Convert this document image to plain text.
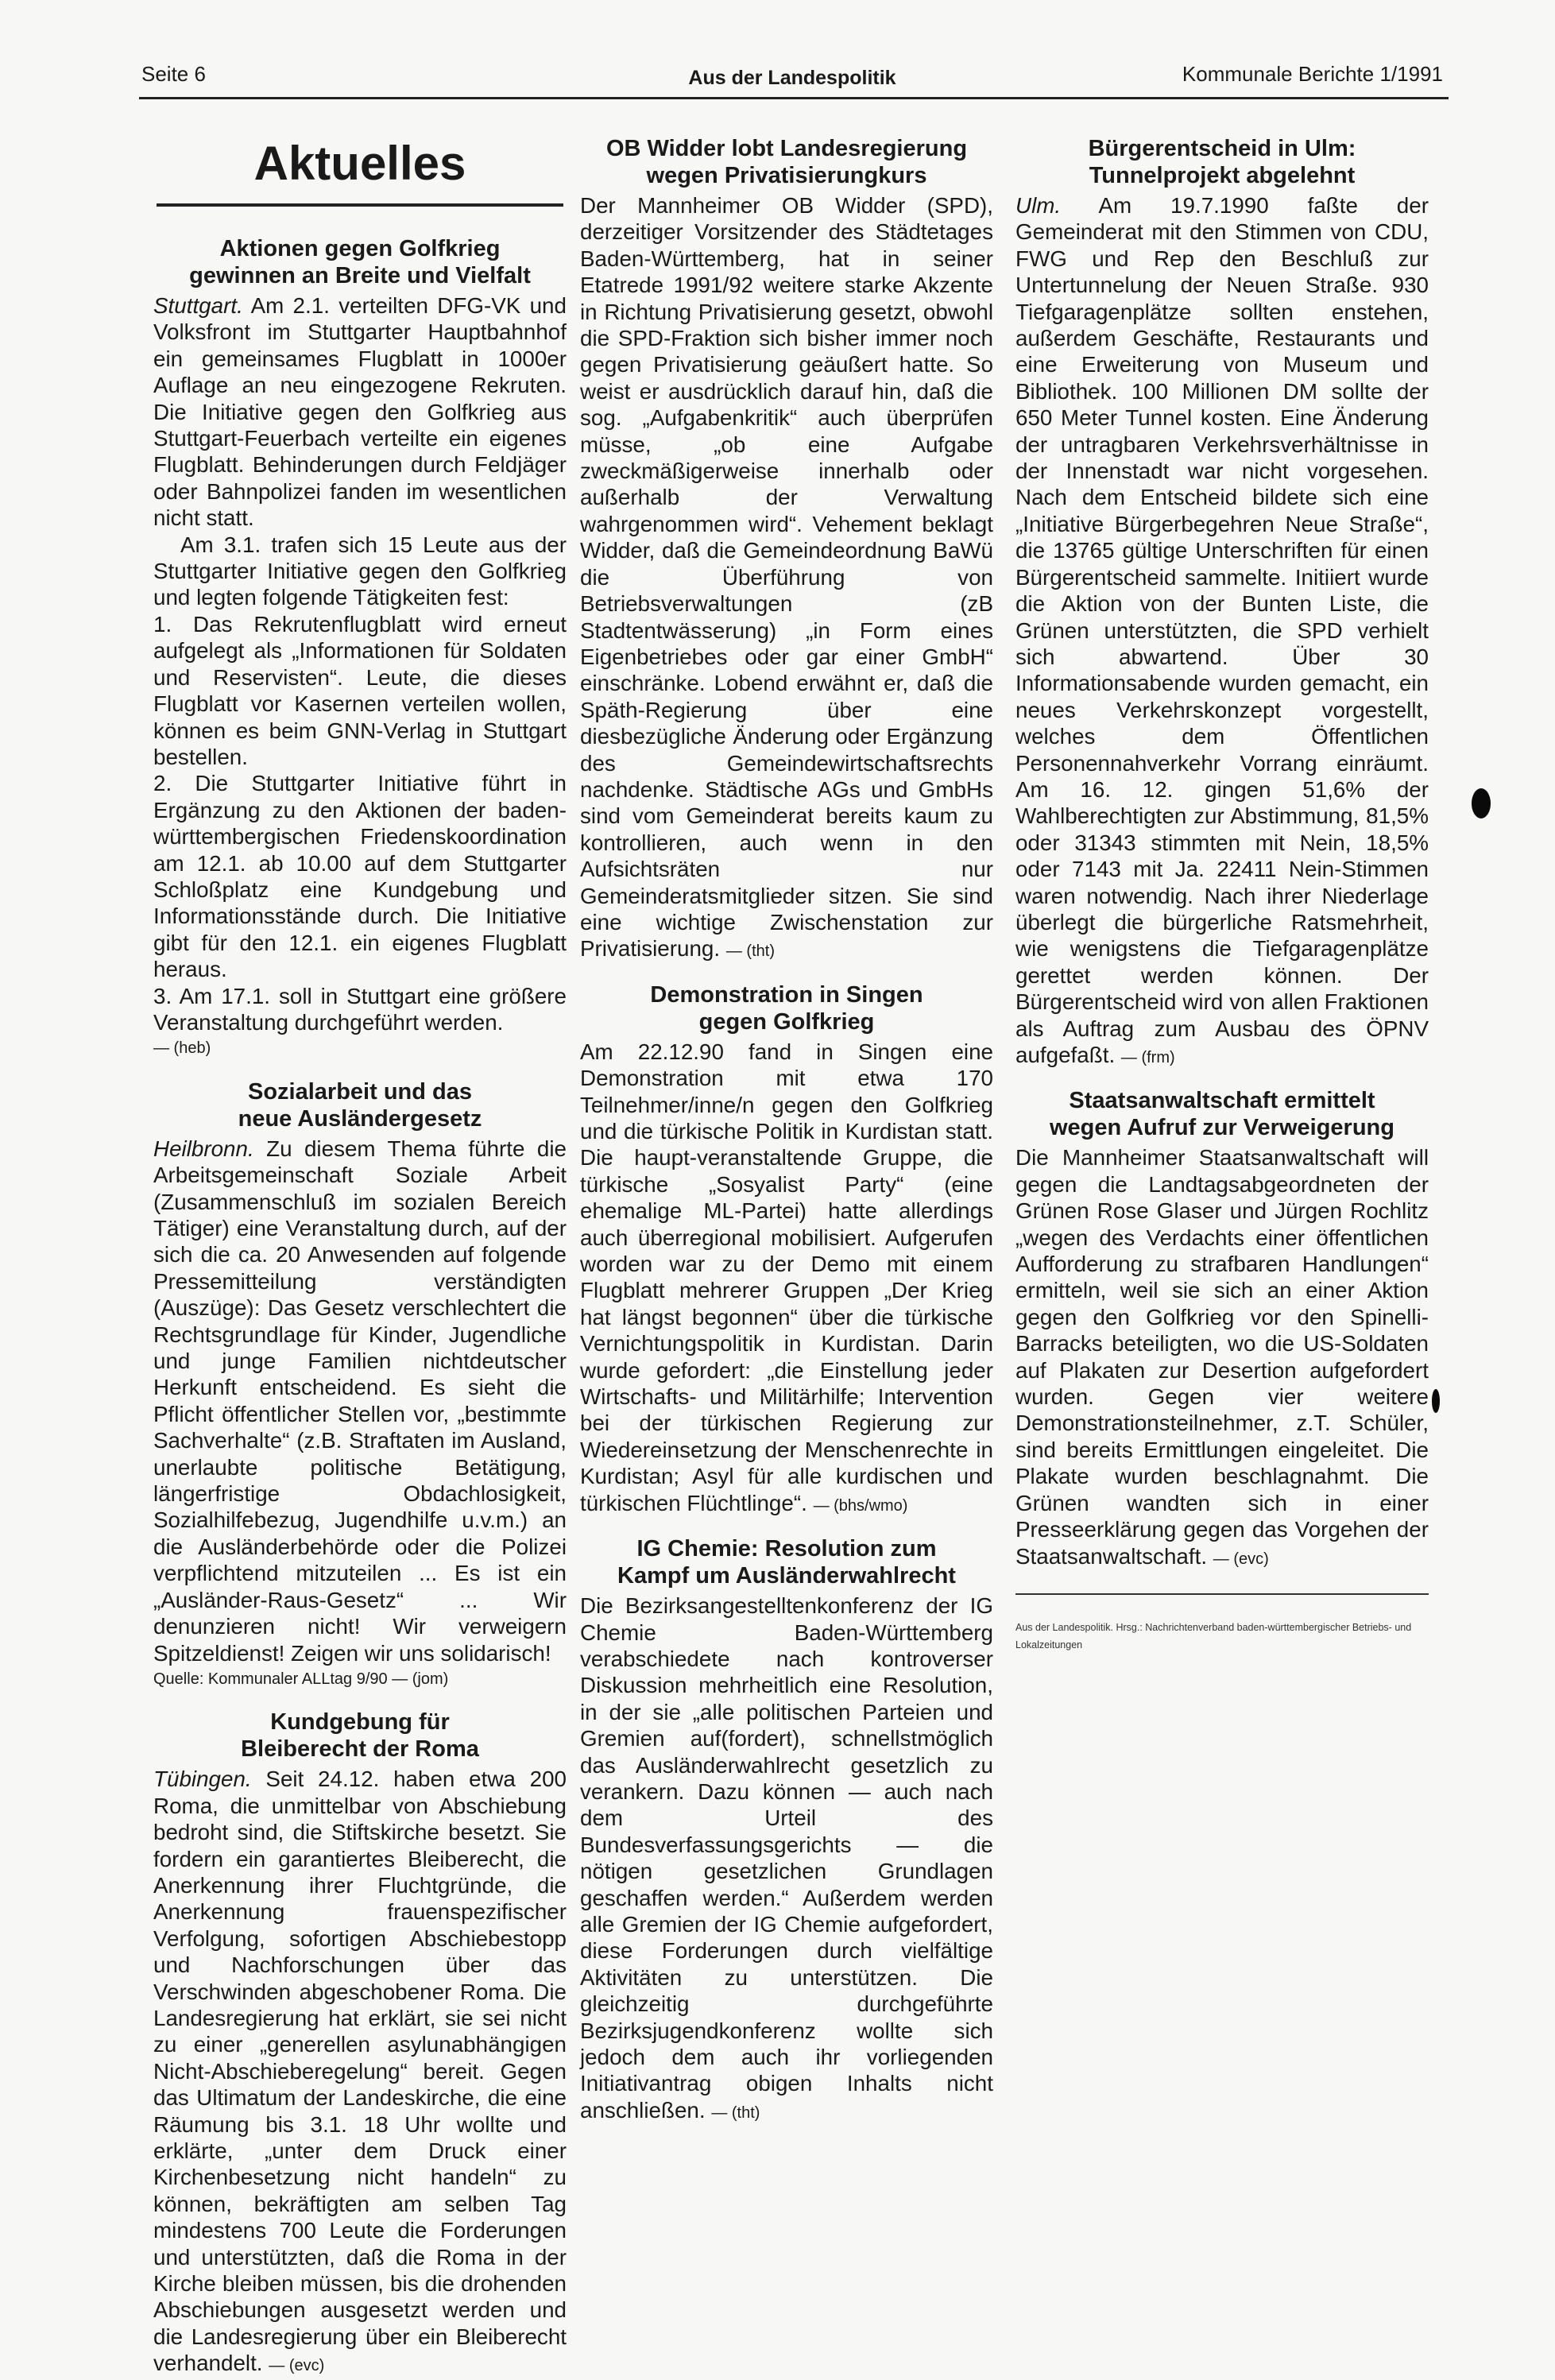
Seite 6	Aus der Landespolitik	Kommunale Berichte 1/1991
Aktuelles
Aktionen gegen Golfkrieg
gewinnen an Breite und Vielfalt

Stuttgart. Am 2.1. verteilten DFG-VK und Volksfront im Stuttgarter Hauptbahnhof ein gemeinsames Flugblatt in 1000er Auflage an neu eingezogene Rekruten. Die Initiative gegen den Golfkrieg aus Stuttgart-Feuerbach verteilte ein eigenes Flugblatt. Behinderungen durch Feldjäger oder Bahnpolizei fanden im wesentlichen nicht statt.

Am 3.1. trafen sich 15 Leute aus der Stuttgarter Initiative gegen den Golfkrieg und legten folgende Tätigkeiten fest:

1. Das Rekrutenflugblatt wird erneut aufgelegt als „Informationen für Soldaten und Reservisten“. Leute, die dieses Flugblatt vor Kasernen verteilen wollen, können es beim GNN-Verlag in Stuttgart bestellen.

2. Die Stuttgarter Initiative führt in Ergänzung zu den Aktionen der baden-württembergischen Friedenskoordination am 12.1. ab 10.00 auf dem Stuttgarter Schloßplatz eine Kundgebung und Informationsstände durch. Die Initiative gibt für den 12.1. ein eigenes Flugblatt heraus.

3. Am 17.1. soll in Stuttgart eine größere Veranstaltung durchgeführt werden.

— (heb)

Sozialarbeit und das
neue Ausländergesetz

Heilbronn. Zu diesem Thema führte die Arbeitsgemeinschaft Soziale Arbeit (Zusammenschluß im sozialen Bereich Tätiger) eine Veranstaltung durch, auf der sich die ca. 20 Anwesenden auf folgende Pressemitteilung verständigten (Auszüge): Das Gesetz verschlechtert die Rechtsgrundlage für Kinder, Jugendliche und junge Familien nichtdeutscher Herkunft entscheidend. Es sieht die Pflicht öffentlicher Stellen vor, „bestimmte Sachverhalte“ (z.B. Straftaten im Ausland, unerlaubte politische Betätigung, längerfristige Obdachlosigkeit, Sozialhilfebezug, Jugendhilfe u.v.m.) an die Ausländerbehörde oder die Polizei verpflichtend mitzuteilen ... Es ist ein „Ausländer-Raus-Gesetz“ ... Wir denunzieren nicht! Wir verweigern Spitzeldienst! Zeigen wir uns solidarisch!

Quelle: Kommunaler ALLtag 9/90 — (jom)

Kundgebung für
Bleiberecht der Roma

Tübingen. Seit 24.12. haben etwa 200 Roma, die unmittelbar von Abschiebung bedroht sind, die Stiftskirche besetzt. Sie fordern ein garantiertes Bleiberecht, die Anerkennung ihrer Fluchtgründe, die Anerkennung frauenspezifischer Verfolgung, sofortigen Abschiebestopp und Nachforschungen über das Verschwinden abgeschobener Roma. Die Landesregierung hat erklärt, sie sei nicht zu einer „generellen asylunabhängigen Nicht-Abschieberegelung“ bereit. Gegen das Ultimatum der Landeskirche, die eine Räumung bis 3.1. 18 Uhr wollte und erklärte, „unter dem Druck einer Kirchenbesetzung nicht handeln“ zu können, bekräftigten am selben Tag mindestens 700 Leute die Forderungen und unterstützten, daß die Roma in der Kirche bleiben müssen, bis die drohenden Abschiebungen ausgesetzt werden und die Landesregierung über ein Bleiberecht verhandelt. — (evc)

OB Widder lobt Landesregierung
wegen Privatisierungkurs

Der Mannheimer OB Widder (SPD), derzeitiger Vorsitzender des Städtetages Baden-Württemberg, hat in seiner Etatrede 1991/92 weitere starke Akzente in Richtung Privatisierung gesetzt, obwohl die SPD-Fraktion sich bisher immer noch gegen Privatisierung geäußert hatte. So weist er ausdrücklich darauf hin, daß die sog. „Aufgabenkritik“ auch überprüfen müsse, „ob eine Aufgabe zweckmäßigerweise innerhalb oder außerhalb der Verwaltung wahrgenommen wird“. Vehement beklagt Widder, daß die Gemeindeordnung BaWü die Überführung von Betriebsverwaltungen (zB Stadtentwässerung) „in Form eines Eigenbetriebes oder gar einer GmbH“ einschränke. Lobend erwähnt er, daß die Späth-Regierung über eine diesbezügliche Änderung oder Ergänzung des Gemeindewirtschaftsrechts nachdenke. Städtische AGs und GmbHs sind vom Gemeinderat bereits kaum zu kontrollieren, auch wenn in den Aufsichtsräten nur Gemeinderatsmitglieder sitzen. Sie sind eine wichtige Zwischenstation zur Privatisierung. — (tht)

Demonstration in Singen
gegen Golfkrieg

Am 22.12.90 fand in Singen eine Demonstration mit etwa 170 Teilnehmer/inne/n gegen den Golfkrieg und die türkische Politik in Kurdistan statt. Die haupt-veranstaltende Gruppe, die türkische „Sosyalist Party“ (eine ehemalige ML-Partei) hatte allerdings auch überregional mobilisiert. Aufgerufen worden war zu der Demo mit einem Flugblatt mehrerer Gruppen „Der Krieg hat längst begonnen“ über die türkische Vernichtungspolitik in Kurdistan. Darin wurde gefordert: „die Einstellung jeder Wirtschafts- und Militärhilfe; Intervention bei der türkischen Regierung zur Wiedereinsetzung der Menschenrechte in Kurdistan; Asyl für alle kurdischen und türkischen Flüchtlinge“. — (bhs/wmo)

IG Chemie: Resolution zum
Kampf um Ausländerwahlrecht

Die Bezirksangestelltenkonferenz der IG Chemie Baden-Württemberg verabschiedete nach kontroverser Diskussion mehrheitlich eine Resolution, in der sie „alle politischen Parteien und Gremien auf(fordert), schnellstmöglich das Ausländerwahlrecht gesetzlich zu verankern. Dazu können — auch nach dem Urteil des Bundesverfassungsgerichts — die nötigen gesetzlichen Grundlagen geschaffen werden.“ Außerdem werden alle Gremien der IG Chemie aufgefordert, diese Forderungen durch vielfältige Aktivitäten zu unterstützen. Die gleichzeitig durchgeführte Bezirksjugendkonferenz wollte sich jedoch dem auch ihr vorliegenden Initiativantrag obigen Inhalts nicht anschließen. — (tht)

Bürgerentscheid in Ulm:
Tunnelprojekt abgelehnt

Ulm. Am 19.7.1990 faßte der Gemeinderat mit den Stimmen von CDU, FWG und Rep den Beschluß zur Untertunnelung der Neuen Straße. 930 Tiefgaragenplätze sollten enstehen, außerdem Geschäfte, Restaurants und eine Erweiterung von Museum und Bibliothek. 100 Millionen DM sollte der 650 Meter Tunnel kosten. Eine Änderung der untragbaren Verkehrsverhältnisse in der Innenstadt war nicht vorgesehen. Nach dem Entscheid bildete sich eine „Initiative Bürgerbegehren Neue Straße“, die 13765 gültige Unterschriften für einen Bürgerentscheid sammelte. Initiiert wurde die Aktion von der Bunten Liste, die Grünen unterstützten, die SPD verhielt sich abwartend. Über 30 Informationsabende wurden gemacht, ein neues Verkehrskonzept vorgestellt, welches dem Öffentlichen Personennahverkehr Vorrang einräumt. Am 16. 12. gingen 51,6% der Wahlberechtigten zur Abstimmung, 81,5% oder 31343 stimmten mit Nein, 18,5% oder 7143 mit Ja. 22411 Nein-Stimmen waren notwendig. Nach ihrer Niederlage überlegt die bürgerliche Ratsmehrheit, wie wenigstens die Tiefgaragenplätze gerettet werden können. Der Bürgerentscheid wird von allen Fraktionen als Auftrag zum Ausbau des ÖPNV aufgefaßt. — (frm)

Staatsanwaltschaft ermittelt
wegen Aufruf zur Verweigerung

Die Mannheimer Staatsanwaltschaft will gegen die Landtagsabgeordneten der Grünen Rose Glaser und Jürgen Rochlitz „wegen des Verdachts einer öffentlichen Aufforderung zu strafbaren Handlungen“ ermitteln, weil sie sich an einer Aktion gegen den Golfkrieg vor den Spinelli-Barracks beteiligten, wo die US-Soldaten auf Plakaten zur Desertion aufgefordert wurden. Gegen vier weitere Demonstrationsteilnehmer, z.T. Schüler, sind bereits Ermittlungen eingeleitet. Die Plakate wurden beschlagnahmt. Die Grünen wandten sich in einer Presseerklärung gegen das Vorgehen der Staatsanwaltschaft. — (evc)

Aus der Landespolitik. Hrsg.: Nachrichtenverband baden-württembergischer Betriebs- und Lokalzeitungen
